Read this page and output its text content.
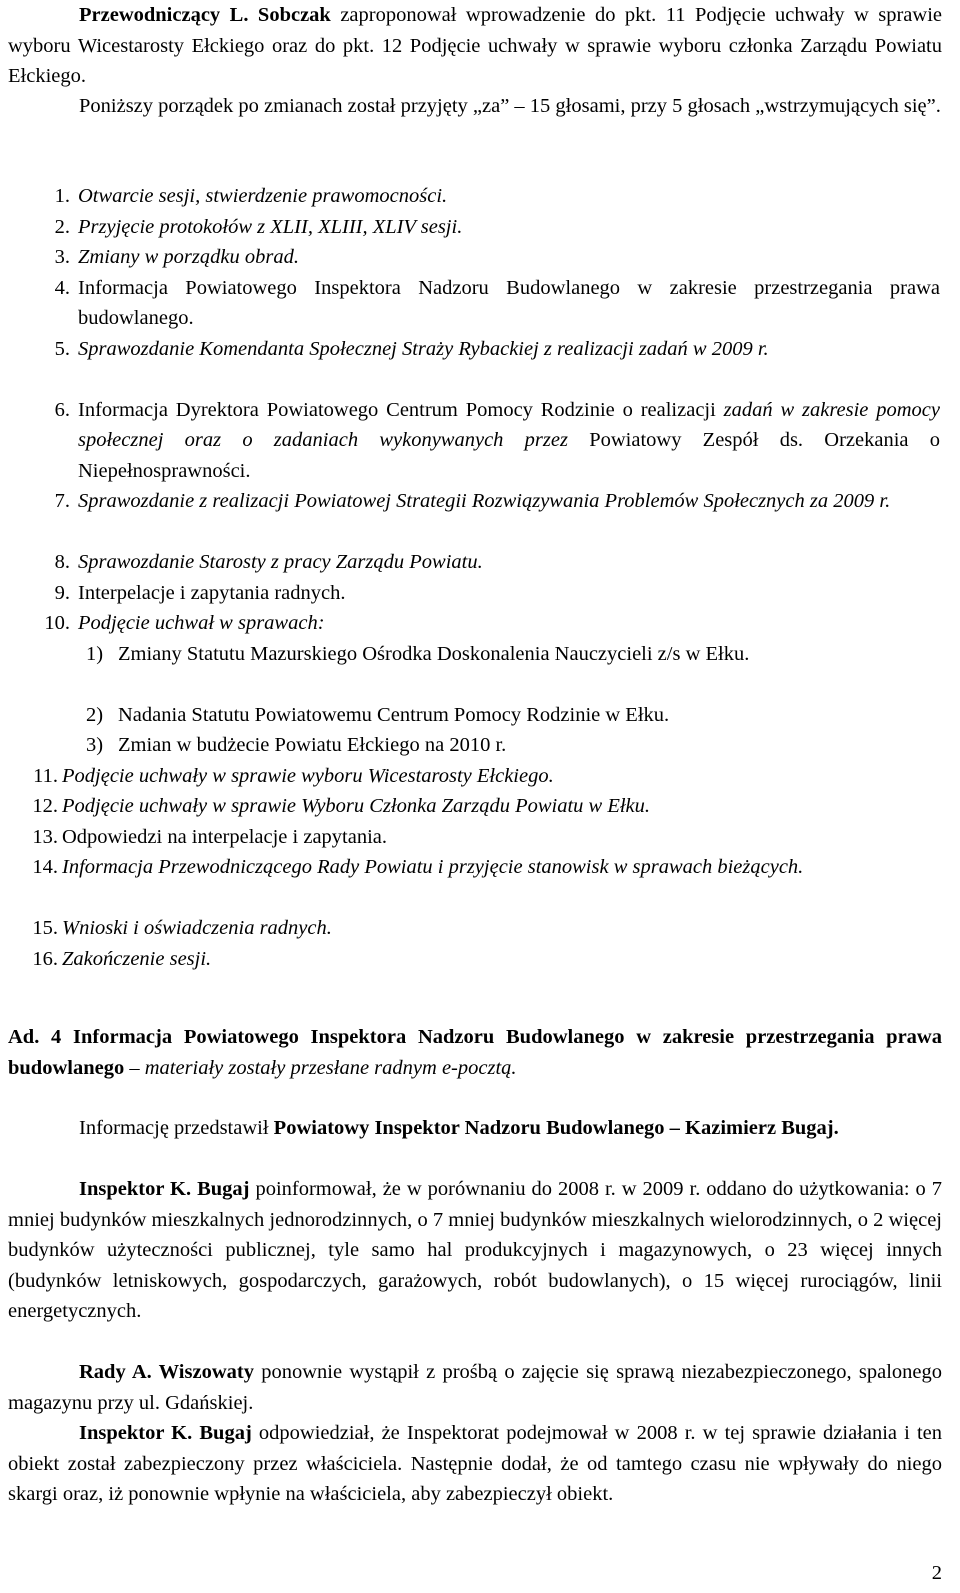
Przewodniczący L. Sobczak zaproponował wprowadzenie do pkt. 11 Podjęcie uchwały w sprawie wyboru Wicestarosty Ełckiego oraz do pkt. 12 Podjęcie uchwały w sprawie wyboru członka Zarządu Powiatu Ełckiego.
Poniższy porządek po zmianach został przyjęty „za” – 15 głosami, przy 5 głosach „wstrzymujących się”.
1. Otwarcie sesji, stwierdzenie prawomocności.
2. Przyjęcie protokołów z XLII, XLIII, XLIV sesji.
3. Zmiany w porządku obrad.
4. Informacja Powiatowego Inspektora Nadzoru Budowlanego w zakresie przestrzegania prawa budowlanego.
5. Sprawozdanie Komendanta Społecznej Straży Rybackiej z realizacji zadań w 2009 r.
6. Informacja Dyrektora Powiatowego Centrum Pomocy Rodzinie o realizacji zadań w zakresie pomocy społecznej oraz o zadaniach wykonywanych przez Powiatowy Zespół ds. Orzekania o Niepełnosprawności.
7. Sprawozdanie z realizacji Powiatowej Strategii Rozwiązywania Problemów Społecznych za 2009 r.
8. Sprawozdanie Starosty z pracy Zarządu Powiatu.
9. Interpelacje i zapytania radnych.
10. Podjęcie uchwał w sprawach:
1) Zmiany Statutu Mazurskiego Ośrodka Doskonalenia Nauczycieli z/s w Ełku.
2) Nadania Statutu Powiatowemu Centrum Pomocy Rodzinie w Ełku.
3) Zmian w budżecie Powiatu Ełckiego na 2010 r.
11. Podjęcie uchwały w sprawie wyboru Wicestarosty Ełckiego.
12. Podjęcie uchwały w sprawie Wyboru Członka Zarządu Powiatu w Ełku.
13. Odpowiedzi na interpelacje i zapytania.
14. Informacja Przewodniczącego Rady Powiatu i przyjęcie stanowisk w sprawach bieżących.
15. Wnioski i oświadczenia radnych.
16. Zakończenie sesji.
Ad. 4 Informacja Powiatowego Inspektora Nadzoru Budowlanego w zakresie przestrzegania prawa budowlanego – materiały zostały przesłane radnym e-pocztą.
Informację przedstawił Powiatowy Inspektor Nadzoru Budowlanego – Kazimierz Bugaj.
Inspektor K. Bugaj poinformował, że w porównaniu do 2008 r. w 2009 r. oddano do użytkowania: o 7 mniej budynków mieszkalnych jednorodzinnych, o 7 mniej budynków mieszkalnych wielorodzinnych, o 2 więcej budynków użyteczności publicznej, tyle samo hal produkcyjnych i magazynowych, o 23 więcej innych (budynków letniskowych, gospodarczych, garażowych, robót budowlanych), o 15 więcej rurociągów, linii energetycznych.
Rady A. Wiszowaty ponownie wystąpił z prośbą o zajęcie się sprawą niezabezpieczonego, spalonego magazynu przy ul. Gdańskiej.
Inspektor K. Bugaj odpowiedział, że Inspektorat podejmował w 2008 r. w tej sprawie działania i ten obiekt został zabezpieczony przez właściciela. Następnie dodał, że od tamtego czasu nie wpływały do niego skargi oraz, iż ponownie wpłynie na właściciela, aby zabezpieczył obiekt.
2
